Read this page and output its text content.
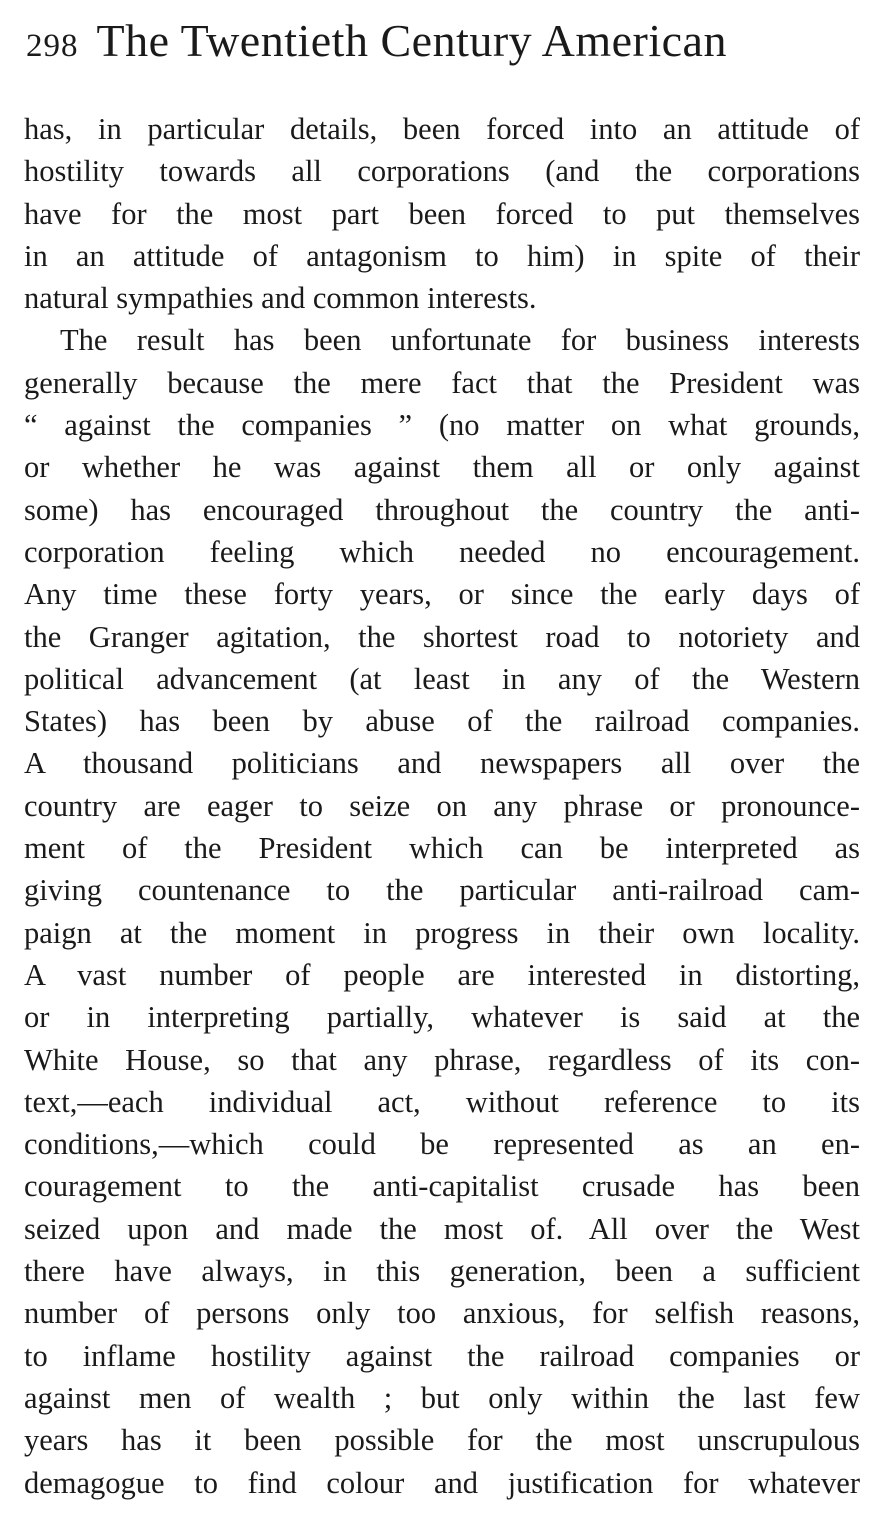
298 The Twentieth Century American
has, in particular details, been forced into an attitude of
hostility towards all corporations (and the corporations
have for the most part been forced to put themselves
in an attitude of antagonism to him) in spite of their
natural sympathies and common interests.
The result has been unfortunate for business interests
generally because the mere fact that the President was
“ against the companies ” (no matter on what grounds,
or whether he was against them all or only against
some) has encouraged throughout the country the anti-
corporation feeling which needed no encouragement.
Any time these forty years, or since the early days of
the Granger agitation, the shortest road to notoriety and
political advancement (at least in any of the Western
States) has been by abuse of the railroad companies.
A thousand politicians and newspapers all over the
country are eager to seize on any phrase or pronounce-
ment of the President which can be interpreted as
giving countenance to the particular anti-railroad cam-
paign at the moment in progress in their own locality.
A vast number of people are interested in distorting,
or in interpreting partially, whatever is said at the
White House, so that any phrase, regardless of its con-
text,—each individual act, without reference to its
conditions,—which could be represented as an en-
couragement to the anti-capitalist crusade has been
seized upon and made the most of. All over the West
there have always, in this generation, been a sufficient
number of persons only too anxious, for selfish reasons,
to inflame hostility against the railroad companies or
against men of wealth ; but only within the last few
years has it been possible for the most unscrupulous
demagogue to find colour and justification for whatever
